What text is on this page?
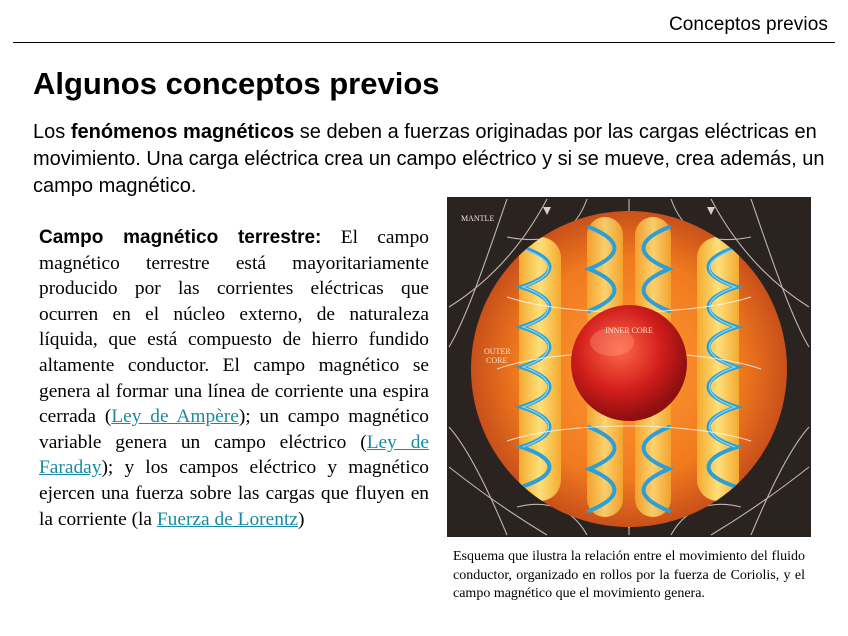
Conceptos previos
Algunos conceptos previos

Los fenómenos magnéticos se deben a fuerzas originadas por las cargas eléctricas en movimiento. Una carga eléctrica crea un campo eléctrico y si se mueve, crea además, un campo magnético.

Campo magnético terrestre: El campo magnético terrestre está mayoritariamente producido por las corrientes eléctricas que ocurren en el núcleo externo, de naturaleza líquida, que está compuesto de hierro fundido altamente conductor. El campo magnético se genera al formar una línea de corriente una espira cerrada (Ley de Ampère); un campo magnético variable genera un campo eléctrico (Ley de Faraday); y los campos eléctrico y magnético ejercen una fuerza sobre las cargas que fluyen en la corriente (la Fuerza de Lorentz)

MANTLE
INNER CORE
OUTER
CORE

Esquema que ilustra la relación entre el movimiento del fluido conductor, organizado en rollos por la fuerza de Coriolis, y el campo magnético que el movimiento genera.
